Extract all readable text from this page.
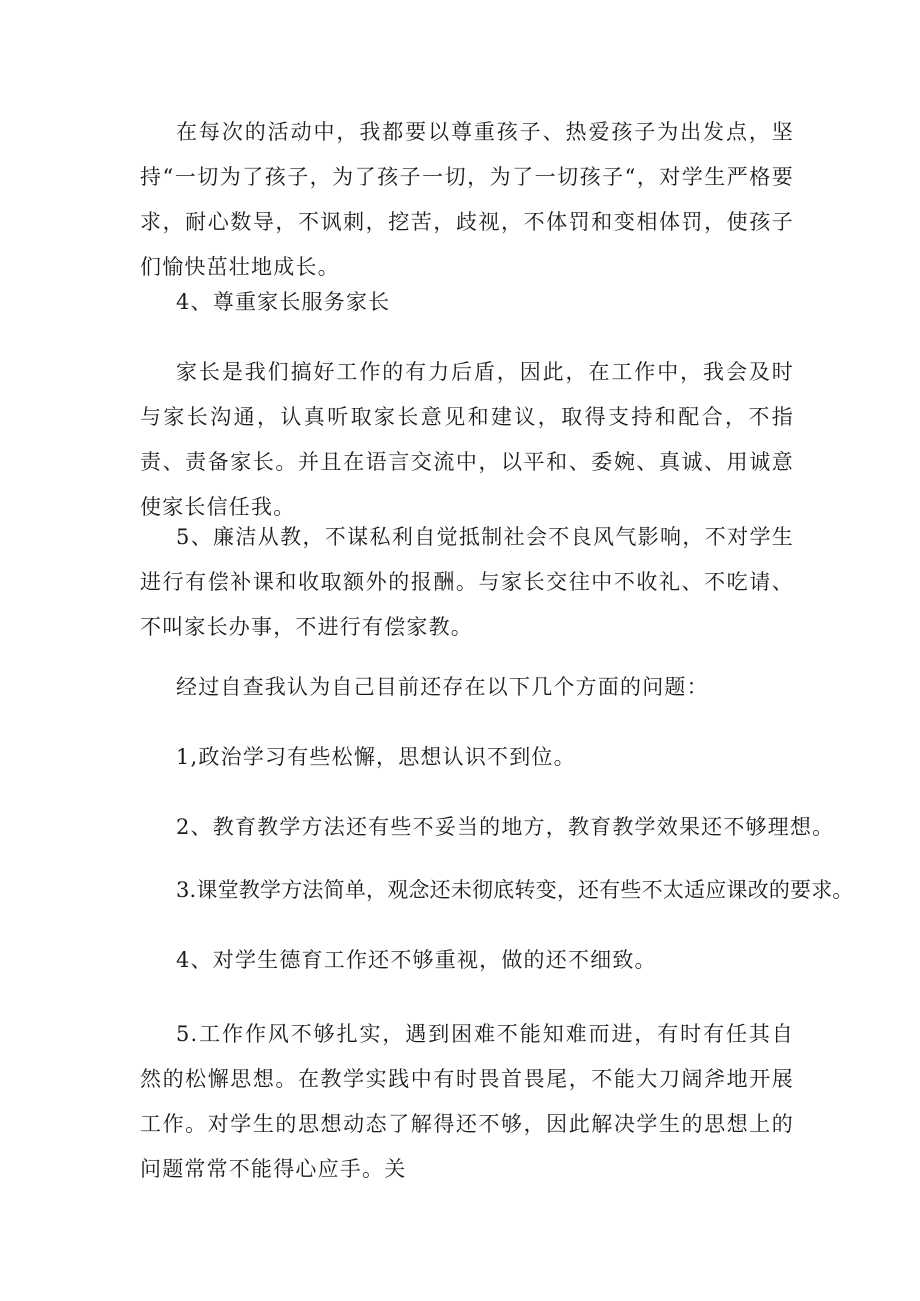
在每次的活动中，我都要以尊重孩子、热爱孩子为出发点，坚持“一切为了孩子，为了孩子一切，为了一切孩子“，对学生严格要求，耐心数导，不讽刺，挖苦，歧视，不体罚和变相体罚，使孩子们愉快茁壮地成长。

4、尊重家长服务家长

家长是我们搞好工作的有力后盾，因此，在工作中，我会及时与家长沟通，认真听取家长意见和建议，取得支持和配合，不指责、责备家长。并且在语言交流中，以平和、委婉、真诚、用诚意使家长信任我。

5、廉洁从教，不谋私利自觉抵制社会不良风气影响，不对学生进行有偿补课和收取额外的报酬。与家长交往中不收礼、不吃请、不叫家长办事，不进行有偿家教。

经过自查我认为自己目前还存在以下几个方面的问题：

1,政治学习有些松懈，思想认识不到位。

2、教育教学方法还有些不妥当的地方，教育教学效果还不够理想。

3.课堂教学方法简单，观念还未彻底转变，还有些不太适应课改的要求。

4、对学生德育工作还不够重视，做的还不细致。

5.工作作风不够扎实，遇到困难不能知难而进，有时有任其自然的松懈思想。在教学实践中有时畏首畏尾，不能大刀阔斧地开展工作。对学生的思想动态了解得还不够，因此解决学生的思想上的问题常常不能得心应手。关
